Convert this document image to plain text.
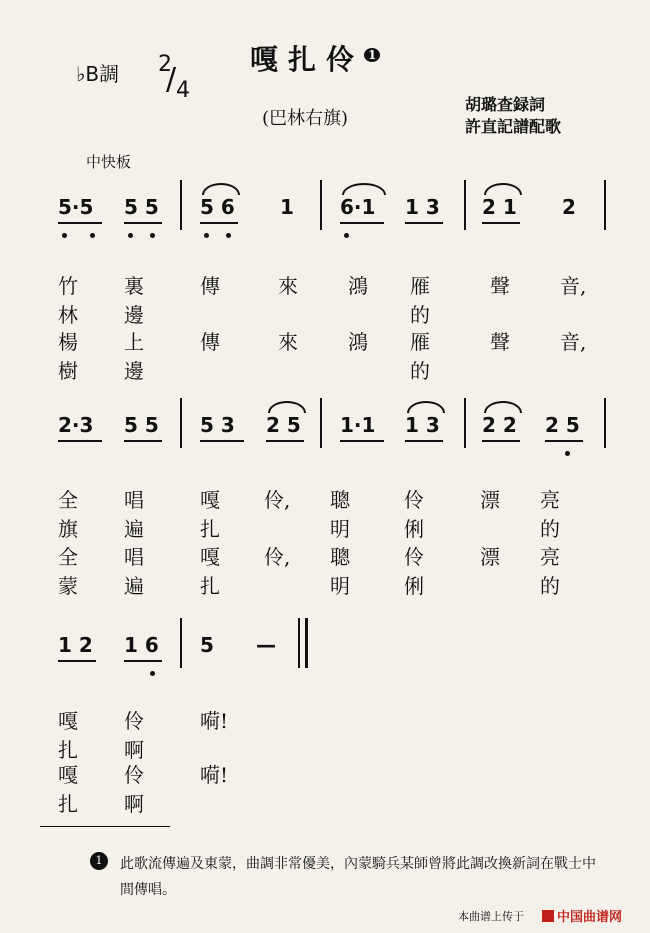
♭B調 2
/ 4
嘎扎伶 $^1$
(巴林右旗)
胡璐查録詞
許直記譜配歌
中快板
5·5 5 5 5 6 1 6·1 1 3 2 1 2
竹林
裏邊
傳	來	鴻 雁的
聲	音,
楊樹
上邊
傳	來	鴻 雁的
聲	音,
2·3 5 5 5 3 2 5 1·1 1 3 2 2 2 5
全旗
唱遍
嘎扎
伶, 聰明
伶俐
漂 亮的
全蒙
唱遍
嘎扎
伶, 聰明
伶俐
漂 亮的
1 2 1 6 5 —
嘎扎
伶啊
嗬!
嘎扎
伶啊
嗬!
1	此歌流傳遍及東蒙，曲調非常優美，內蒙騎兵某師曾將此調改換新詞在戰士中間傳唱。
本曲谱上传于	中国曲谱网
